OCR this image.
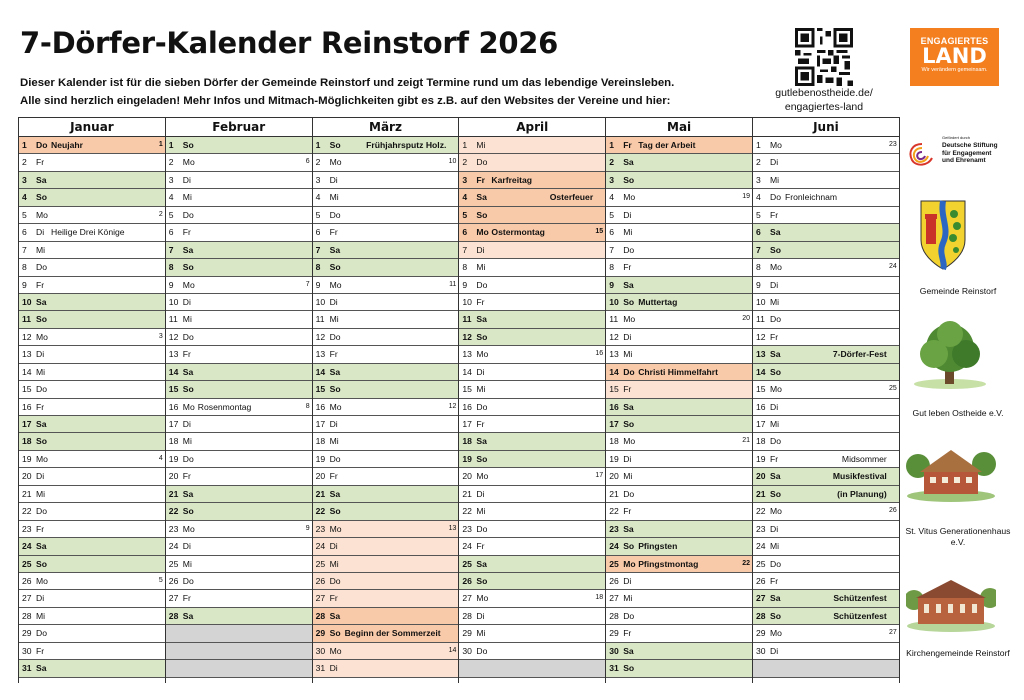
7-Dörfer-Kalender Reinstorf 2026
Dieser Kalender ist für die sieben Dörfer der Gemeinde Reinstorf und zeigt Termine rund um das lebendige Vereinsleben.
Alle sind herzlich eingeladen! Mehr Infos und Mitmach-Möglichkeiten gibt es z.B. auf den Websites der Vereine und hier:
gutlebenostheide.de/
engagiertes-land
ENGAGIERTES
LAND
Wir verändern gemeinsam.
Gefördert durch
Deutsche Stiftung
für Engagement
und Ehrenamt
Gemeinde Reinstorf
Gut leben Ostheide e.V.
St. Vitus Generationenhaus e.V.
Kirchengemeinde Reinstorf
Januar
1	Do Neujahr	1
2	Fr
3	Sa
4	So
5	Mo	2
6	Di Heilige Drei Könige
7	Mi
8	Do
9	Fr
10 Sa
11 So
12 Mo	3
13 Di
14 Mi
15 Do
16 Fr
17 Sa
18 So
19 Mo	4
20 Di
21 Mi
22 Do
23 Fr
24 Sa
25 So
26 Mo	5
27 Di
28 Mi
29 Do
30 Fr
31 Sa
Februar
1	So
2	Mo	6
3	Di
4	Mi
5	Do
6	Fr
7	Sa
8	So
9	Mo	7
10 Di
11 Mi
12 Do
13 Fr
14 Sa
15 So
16 Mo Rosenmontag	8
17 Di
18 Mi
19 Do
20 Fr
21 Sa
22 So
23 Mo	9
24 Di
25 Mi
26 Do
27 Fr
28 Sa
März
1	So	Frühjahrsputz Holz.
2	Mo	10
3	Di
4	Mi
5	Do
6	Fr
7	Sa
8	So
9	Mo	11
10 Di
11 Mi
12 Do
13 Fr
14 Sa
15 So
16 Mo	12
17 Di
18 Mi
19 Do
20 Fr
21 Sa
22 So
23 Mo	13
24 Di
25 Mi
26 Do
27 Fr
28 Sa
29 So Beginn der Sommerzeit
30 Mo	14
31 Di
April
1	Mi
2	Do
3	Fr Karfreitag
4	Sa	Osterfeuer
5	So
6	Mo Ostermontag	15
7	Di
8	Mi
9	Do
10 Fr
11 Sa
12 So
13 Mo	16
14 Di
15 Mi
16 Do
17 Fr
18 Sa
19 So
20 Mo	17
21 Di
22 Mi
23 Do
24 Fr
25 Sa
26 So
27 Mo	18
28 Di
29 Mi
30 Do
Mai
1	Fr Tag der Arbeit
2	Sa
3	So
4	Mo	19
5	Di
6	Mi
7	Do
8	Fr
9	Sa
10 So Muttertag
11 Mo	20
12 Di
13 Mi
14 Do Christi Himmelfahrt
15 Fr
16 Sa
17 So
18 Mo	21
19 Di
20 Mi
21 Do
22 Fr
23 Sa
24 So Pfingsten
25 Mo Pfingstmontag	22
26 Di
27 Mi
28 Do
29 Fr
30 Sa
31 So
Juni
1	Mo	23
2	Di
3	Mi
4	Do Fronleichnam
5	Fr
6	Sa
7	So
8	Mo	24
9	Di
10 Mi
11 Do
12 Fr
13 Sa	7-Dörfer-Fest
14 So
15 Mo	25
16 Di
17 Mi
18 Do
19 Fr	Midsommer
20 Sa	Musikfestival
21 So	(in Planung)
22 Mo	26
23 Di
24 Mi
25 Do
26 Fr
27 Sa	Schützenfest
28 So	Schützenfest
29 Mo	27
30 Di
